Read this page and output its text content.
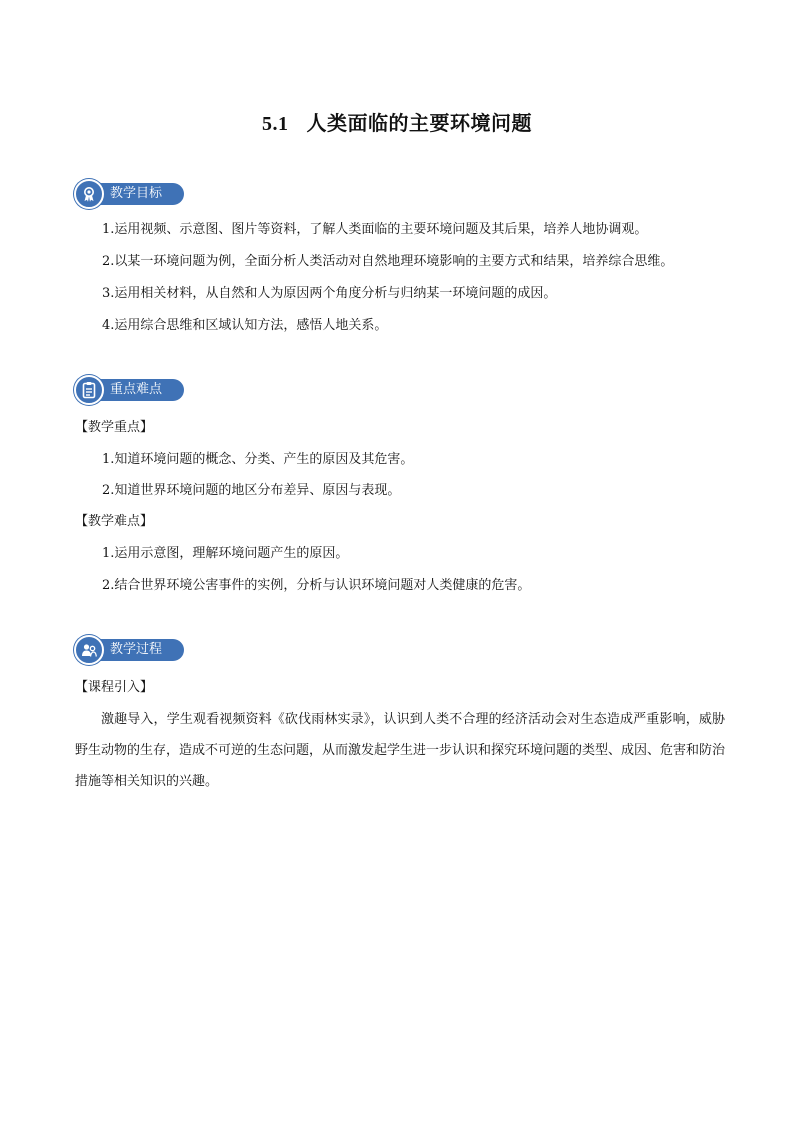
5.1 人类面临的主要环境问题
教学目标
1.运用视频、示意图、图片等资料，了解人类面临的主要环境问题及其后果，培养人地协调观。
2.以某一环境问题为例，全面分析人类活动对自然地理环境影响的主要方式和结果，培养综合思维。
3.运用相关材料，从自然和人为原因两个角度分析与归纳某一环境问题的成因。
4.运用综合思维和区域认知方法，感悟人地关系。
重点难点
【教学重点】
1.知道环境问题的概念、分类、产生的原因及其危害。
2.知道世界环境问题的地区分布差异、原因与表现。
【教学难点】
1.运用示意图，理解环境问题产生的原因。
2.结合世界环境公害事件的实例，分析与认识环境问题对人类健康的危害。
教学过程
【课程引入】
激趣导入，学生观看视频资料《砍伐雨林实录》，认识到人类不合理的经济活动会对生态造成严重影响，威胁野生动物的生存，造成不可逆的生态问题，从而激发起学生进一步认识和探究环境问题的类型、成因、危害和防治措施等相关知识的兴趣。
